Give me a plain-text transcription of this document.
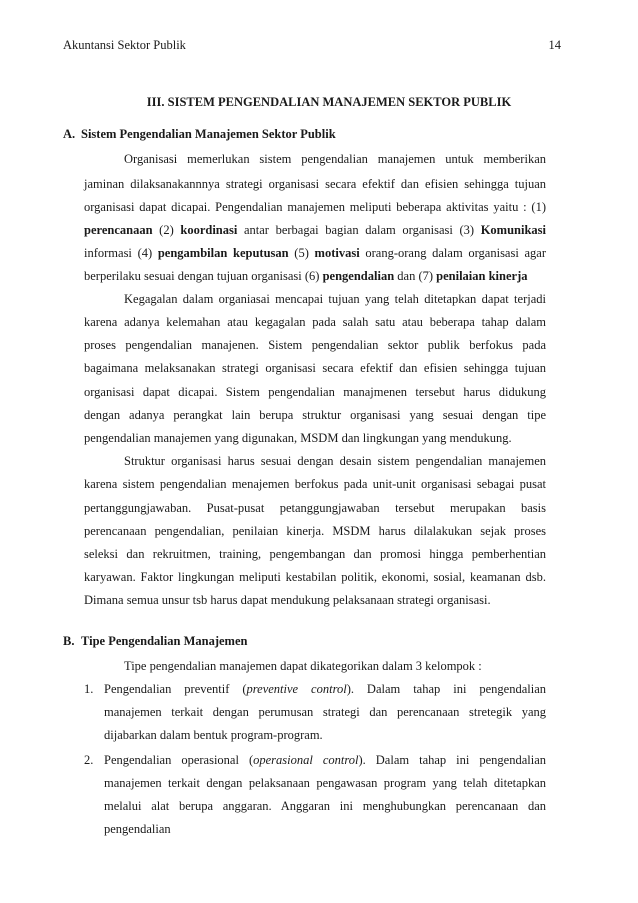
Akuntansi Sektor Publik	14
III. SISTEM PENGENDALIAN MANAJEMEN SEKTOR PUBLIK
A. Sistem Pengendalian Manajemen Sektor Publik
Organisasi memerlukan sistem pengendalian manajemen untuk memberikan
jaminan dilaksanakannnya strategi organisasi secara efektif dan efisien sehingga tujuan
organisasi dapat dicapai. Pengendalian manajemen meliputi beberapa aktivitas yaitu : (1)
perencanaan (2) koordinasi antar berbagai bagian dalam organisasi (3) Komunikasi
informasi (4) pengambilan keputusan (5) motivasi orang-orang dalam organisasi agar
berperilaku sesuai dengan tujuan organisasi (6) pengendalian dan (7) penilaian kinerja
Kegagalan dalam organiasai mencapai tujuan yang telah ditetapkan dapat terjadi
karena adanya kelemahan atau kegagalan pada salah satu atau beberapa tahap dalam
proses pengendalian manajenen. Sistem pengendalian sektor publik berfokus pada
bagaimana melaksanakan strategi organisasi secara efektif dan efisien sehingga tujuan
organisasi dapat dicapai. Sistem pengendalian manajmenen tersebut harus didukung
dengan adanya perangkat lain berupa struktur organisasi yang sesuai dengan tipe
pengendalian manajemen yang digunakan, MSDM dan lingkungan yang mendukung.
Struktur organisasi harus sesuai dengan desain sistem pengendalian manajemen
karena sistem pengendalian menajemen berfokus pada unit-unit organisasi sebagai pusat
pertanggungjawaban. Pusat-pusat petanggungjawaban tersebut merupakan basis
perencanaan pengendalian, penilaian kinerja. MSDM harus dilalakukan sejak proses
seleksi dan rekruitmen, training, pengembangan dan promosi hingga pemberhentian
karyawan. Faktor lingkungan meliputi kestabilan politik, ekonomi, sosial, keamanan dsb.
Dimana semua unsur tsb harus dapat mendukung pelaksanaan strategi organisasi.
B. Tipe Pengendalian Manajemen
Tipe pengendalian manajemen dapat dikategorikan dalam 3 kelompok :
1. Pengendalian preventif (preventive control). Dalam tahap ini pengendalian
manajemen terkait dengan perumusan strategi dan perencanaan stretegik yang
dijabarkan dalam bentuk program-program.
2. Pengendalian operasional (operasional control). Dalam tahap ini pengendalian
manajemen terkait dengan pelaksanaan pengawasan program yang telah ditetapkan
melalui alat berupa anggaran. Anggaran ini menghubungkan perencanaan dan
pengendalian
